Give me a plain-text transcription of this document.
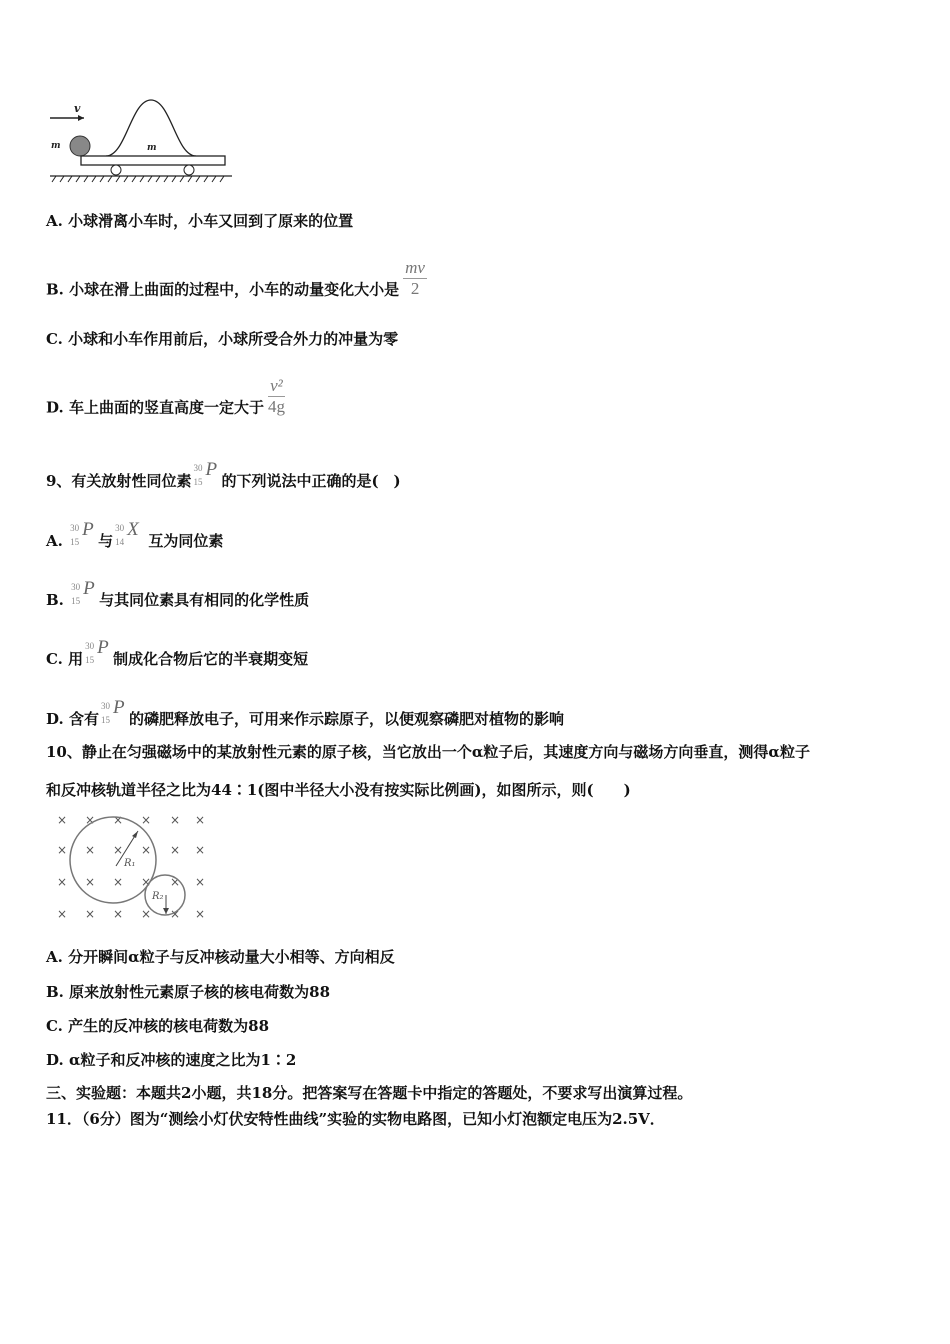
v
m	m
A. 小球滑离小车时，小车又回到了原来的位置
B. 小球在滑上曲面的过程中，小车的动量变化大小是 $\frac{mv}{2}$
C. 小球和小车作用前后，小球所受合外力的冲量为零
D. 车上曲面的竖直高度一定大于 $\frac{\text{v²}}{4g}$
9、有关放射性同位素
30
15
P
的下列说法中正确的是(　)
A.
30
15
P
与
30
14
X
互为同位素
B.
30
15
P
与其同位素具有相同的化学性质
C. 用
30
15
P
制成化合物后它的半衰期变短
D. 含有
30
15
P
的磷肥释放电子，可用来作示踪原子，以便观察磷肥对植物的影响
10、静止在匀强磁场中的某放射性元素的原子核，当它放出一个α粒子后，其速度方向与磁场方向垂直，测得α粒子
和反冲核轨道半径之比为44∶1(图中半径大小没有按实际比例画)，如图所示，则(　　)
×
×
×
×
×
×
×
×
×
×
×
×
×
×
×
×
×
×
×
×
×
×
×
×
R₁
R₂
A. 分开瞬间α粒子与反冲核动量大小相等、方向相反
B. 原来放射性元素原子核的核电荷数为88
C. 产生的反冲核的核电荷数为88
D. α粒子和反冲核的速度之比为1∶2
三、实验题：本题共2小题，共18分。把答案写在答题卡中指定的答题处，不要求写出演算过程。
11．（6分）图为“测绘小灯伏安特性曲线”实验的实物电路图，已知小灯泡额定电压为2.5V．
